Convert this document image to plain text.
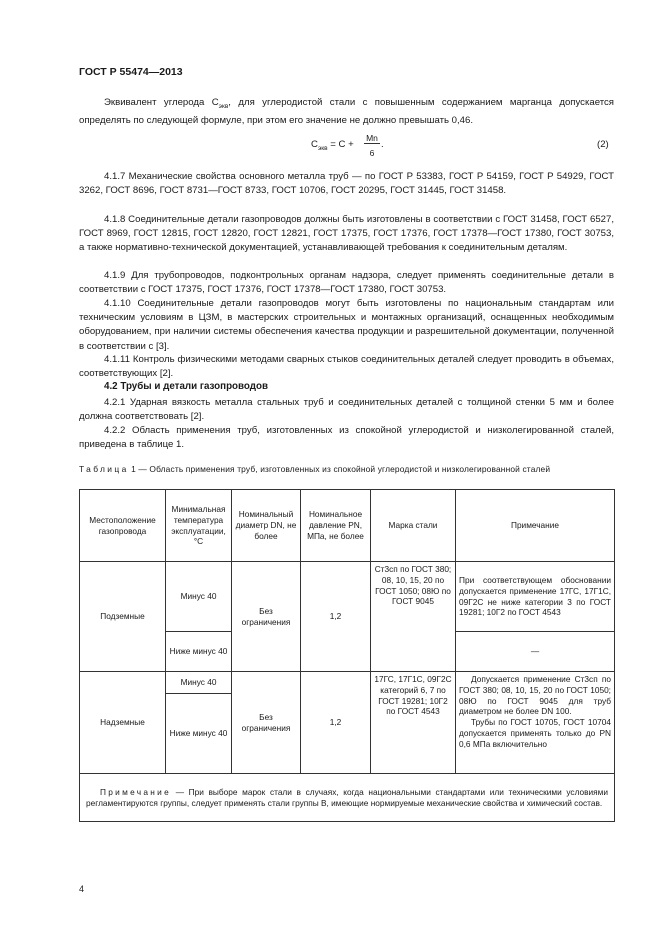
ГОСТ Р 55474—2013
Эквивалент углерода $С_{экв}$, для углеродистой стали с повышенным содержанием марганца допускается определять по следующей формуле, при этом его значение не должно превышать 0,46.
$С_{экв} = С$ +
Mn
6
.	(2)
4.1.7 Механические свойства основного металла труб — по ГОСТ Р 53383, ГОСТ Р 54159, ГОСТ Р 54929, ГОСТ 3262, ГОСТ 8696, ГОСТ 8731—ГОСТ 8733, ГОСТ 10706, ГОСТ 20295, ГОСТ 31445, ГОСТ 31458.
4.1.8 Соединительные детали газопроводов должны быть изготовлены в соответствии с ГОСТ 31458, ГОСТ 6527, ГОСТ 8969, ГОСТ 12815, ГОСТ 12820, ГОСТ 12821, ГОСТ 17375, ГОСТ 17376, ГОСТ 17378—ГОСТ 17380, ГОСТ 30753, а также нормативно-технической документацией, устанавливающей требования к соединительным деталям.
4.1.9 Для трубопроводов, подконтрольных органам надзора, следует применять соединительные детали в соответствии с ГОСТ 17375, ГОСТ 17376, ГОСТ 17378—ГОСТ 17380, ГОСТ 30753.
4.1.10 Соединительные детали газопроводов могут быть изготовлены по национальным стандартам или техническим условиям в ЦЗМ, в мастерских строительных и монтажных организаций, оснащенных необходимым оборудованием, при наличии системы обеспечения качества продукции и разрешительной документации, полученной в соответствии с [3].
4.1.11 Контроль физическими методами сварных стыков соединительных деталей следует проводить в объемах, соответствующих [2].
4.2 Трубы и детали газопроводов
4.2.1 Ударная вязкость металла стальных труб и соединительных деталей с толщиной стенки 5 мм и более должна соответствовать [2].
4.2.2 Область применения труб, изготовленных из спокойной углеродистой и низколегированной сталей, приведена в таблице 1.
Таблица 1 — Область применения труб, изготовленных из спокойной углеродистой и низколегированной сталей
Местоположение газопровода	Минимальная температура эксплуатации, °С	Номинальный диаметр DN, не более	Номинальное давление PN, МПа, не более	Марка стали	Примечание
Подземные	Минус 40	Без ограничения	1,2	Ст3сп по ГОСТ 380; 08, 10, 15, 20 по ГОСТ 1050; 08Ю по ГОСТ 9045	При соответствующем обосновании допускается применение 17ГС, 17Г1С, 09Г2С не ниже категории 3 по ГОСТ 19281; 10Г2 по ГОСТ 4543
	Ниже минус 40				—
Надземные	Минус 40	Без ограничения	1,2	17ГС, 17Г1С, 09Г2С категорий 6, 7 по ГОСТ 19281; 10Г2 по ГОСТ 4543	Допускается применение Ст3сп по ГОСТ 380; 08, 10, 15, 20 по ГОСТ 1050; 08Ю по ГОСТ 9045 для труб диаметром не более DN 100.
Трубы по ГОСТ 10705, ГОСТ 10704 допускается применять только до PN 0,6 МПа включительно

	Ниже минус 40				
Примечание — При выборе марок стали в случаях, когда национальными стандартами или техническими условиями регламентируются группы, следует применять стали группы В, имеющие нормируемые механические свойства и химический состав.					
4
